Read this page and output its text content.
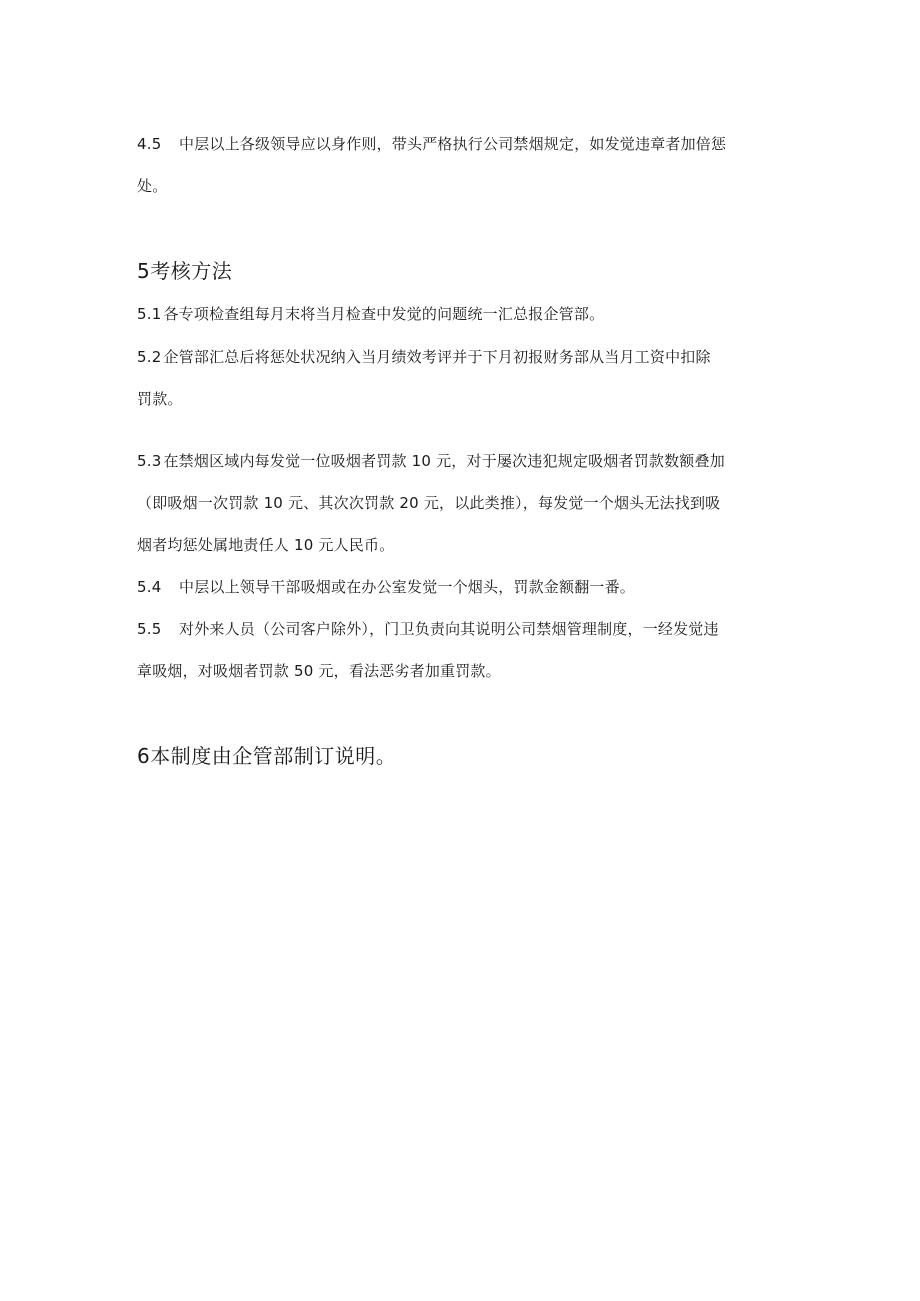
4.5 中层以上各级领导应以身作则，带头严格执行公司禁烟规定，如发觉违章者加倍惩
处。
5考核方法
5.1 各专项检查组每月末将当月检查中发觉的问题统一汇总报企管部。
5.2 企管部汇总后将惩处状况纳入当月绩效考评并于下月初报财务部从当月工资中扣除
罚款。
5.3 在禁烟区域内每发觉一位吸烟者罚款 10 元，对于屡次违犯规定吸烟者罚款数额叠加
（即吸烟一次罚款 10 元、其次次罚款 20 元，以此类推），每发觉一个烟头无法找到吸
烟者均惩处属地责任人 10 元人民币。
5.4 中层以上领导干部吸烟或在办公室发觉一个烟头，罚款金额翻一番。
5.5 对外来人员（公司客户除外），门卫负责向其说明公司禁烟管理制度，一经发觉违
章吸烟，对吸烟者罚款 50 元，看法恶劣者加重罚款。
6本制度由企管部制订说明。
